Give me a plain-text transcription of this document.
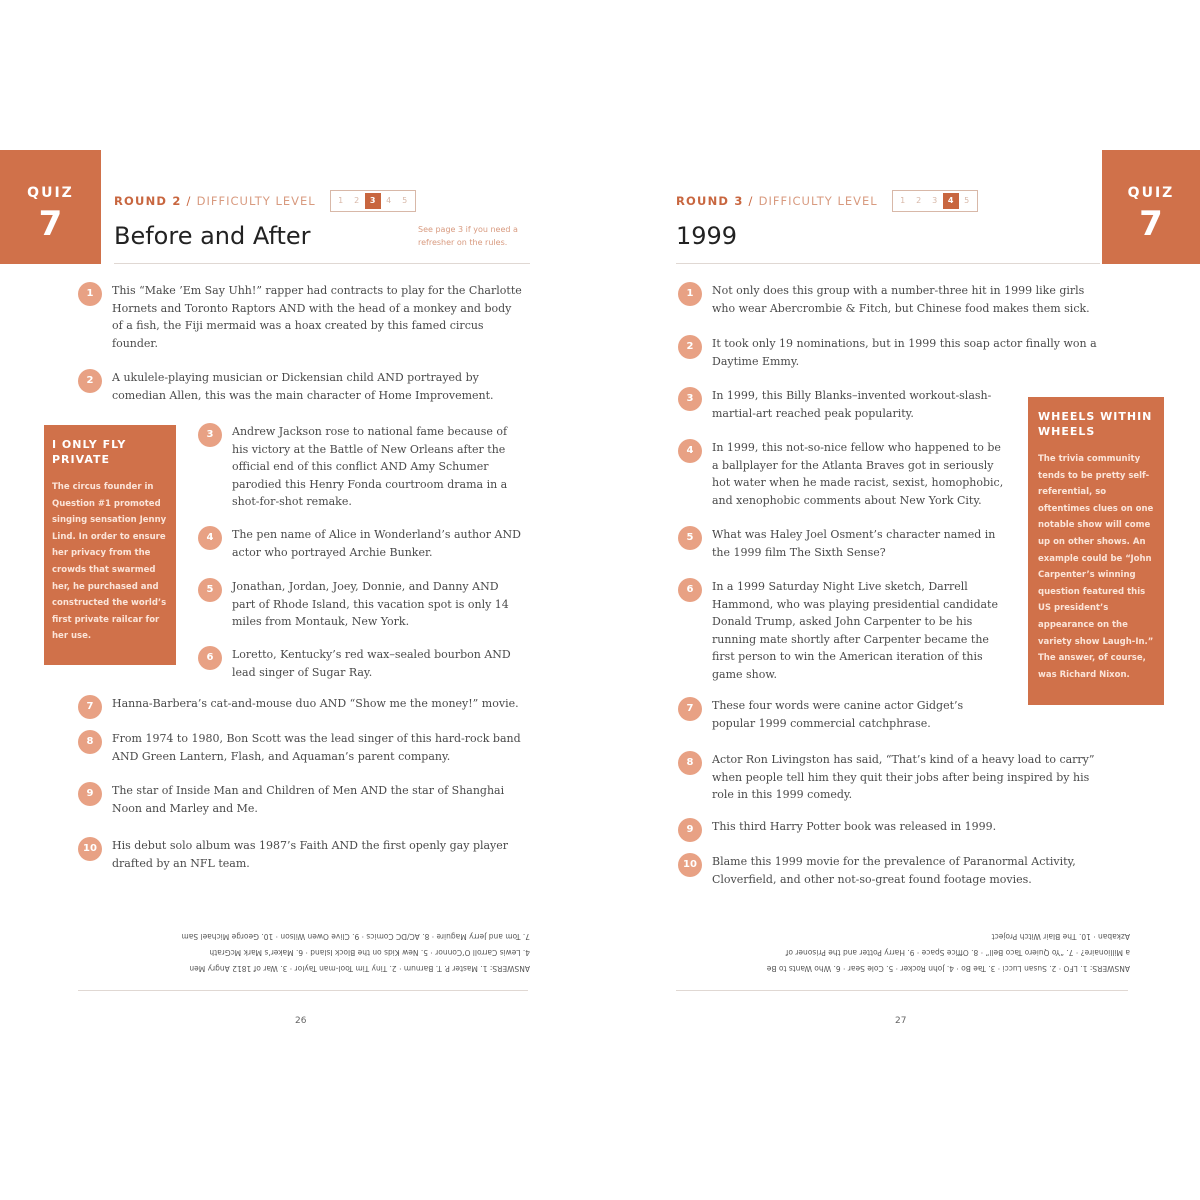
QUIZ
7
ROUND 2 / DIFFICULTY LEVEL	1	2	3	4	5
Before and After	See page 3 if you need a refresher on the rules.
1	This “Make ’Em Say Uhh!” rapper had contracts to play for the Charlotte Hornets and Toronto Raptors AND with the head of a monkey and body of a fish, the Fiji mermaid was a hoax created by this famed circus founder.
2	A ukulele-playing musician or Dickensian child AND portrayed by comedian Allen, this was the main character of Home Improvement.
3	Andrew Jackson rose to national fame because of his victory at the Battle of New Orleans after the official end of this conflict AND Amy Schumer parodied this Henry Fonda courtroom drama in a shot-for-shot remake.
4	The pen name of Alice in Wonderland’s author AND actor who portrayed Archie Bunker.
5	Jonathan, Jordan, Joey, Donnie, and Danny AND part of Rhode Island, this vacation spot is only 14 miles from Montauk, New York.
6	Loretto, Kentucky’s red wax–sealed bourbon AND lead singer of Sugar Ray.
7	Hanna-Barbera’s cat-and-mouse duo AND “Show me the money!” movie.
8	From 1974 to 1980, Bon Scott was the lead singer of this hard-rock band AND Green Lantern, Flash, and Aquaman’s parent company.
9	The star of Inside Man and Children of Men AND the star of Shanghai Noon and Marley and Me.
10	His debut solo album was 1987’s Faith AND the first openly gay player drafted by an NFL team.
I ONLY FLY PRIVATE
The circus founder in Question #1 promoted singing sensation Jenny Lind. In order to ensure her privacy from the crowds that swarmed her, he purchased and constructed the world’s first private railcar for her use.
ANSWERS: 1. Master P. T. Barnum · 2. Tiny Tim Tool-man Taylor · 3. War of 1812 Angry Men
4. Lewis Carroll O’Connor · 5. New Kids on the Block Island · 6. Maker’s Mark McGrath
7. Tom and Jerry Maguire · 8. AC/DC Comics · 9. Clive Owen Wilson · 10. George Michael Sam
26
ROUND 3 / DIFFICULTY LEVEL	1	2	3	4	5
1999
QUIZ
7
1	Not only does this group with a number-three hit in 1999 like girls who wear Abercrombie & Fitch, but Chinese food makes them sick.
2	It took only 19 nominations, but in 1999 this soap actor finally won a Daytime Emmy.
3	In 1999, this Billy Blanks–invented workout-slash-martial-art reached peak popularity.
4	In 1999, this not-so-nice fellow who happened to be a ballplayer for the Atlanta Braves got in seriously hot water when he made racist, sexist, homophobic, and xenophobic comments about New York City.
5	What was Haley Joel Osment’s character named in the 1999 film The Sixth Sense?
6	In a 1999 Saturday Night Live sketch, Darrell Hammond, who was playing presidential candidate Donald Trump, asked John Carpenter to be his running mate shortly after Carpenter became the first person to win the American iteration of this game show.
7	These four words were canine actor Gidget’s popular 1999 commercial catchphrase.
8	Actor Ron Livingston has said, “That’s kind of a heavy load to carry” when people tell him they quit their jobs after being inspired by his role in this 1999 comedy.
9	This third Harry Potter book was released in 1999.
10	Blame this 1999 movie for the prevalence of Paranormal Activity, Cloverfield, and other not-so-great found footage movies.
WHEELS WITHIN WHEELS
The trivia community tends to be pretty self-referential, so oftentimes clues on one notable show will come up on other shows. An example could be “John Carpenter’s winning question featured this US president’s appearance on the variety show Laugh-In.” The answer, of course, was Richard Nixon.
ANSWERS: 1. LFO · 2. Susan Lucci · 3. Tae Bo · 4. John Rocker · 5. Cole Sear · 6. Who Wants to Be
a Millionaire? · 7. “Yo Quiero Taco Bell” · 8. Office Space · 9. Harry Potter and the Prisoner of
Azkaban · 10. The Blair Witch Project
27
